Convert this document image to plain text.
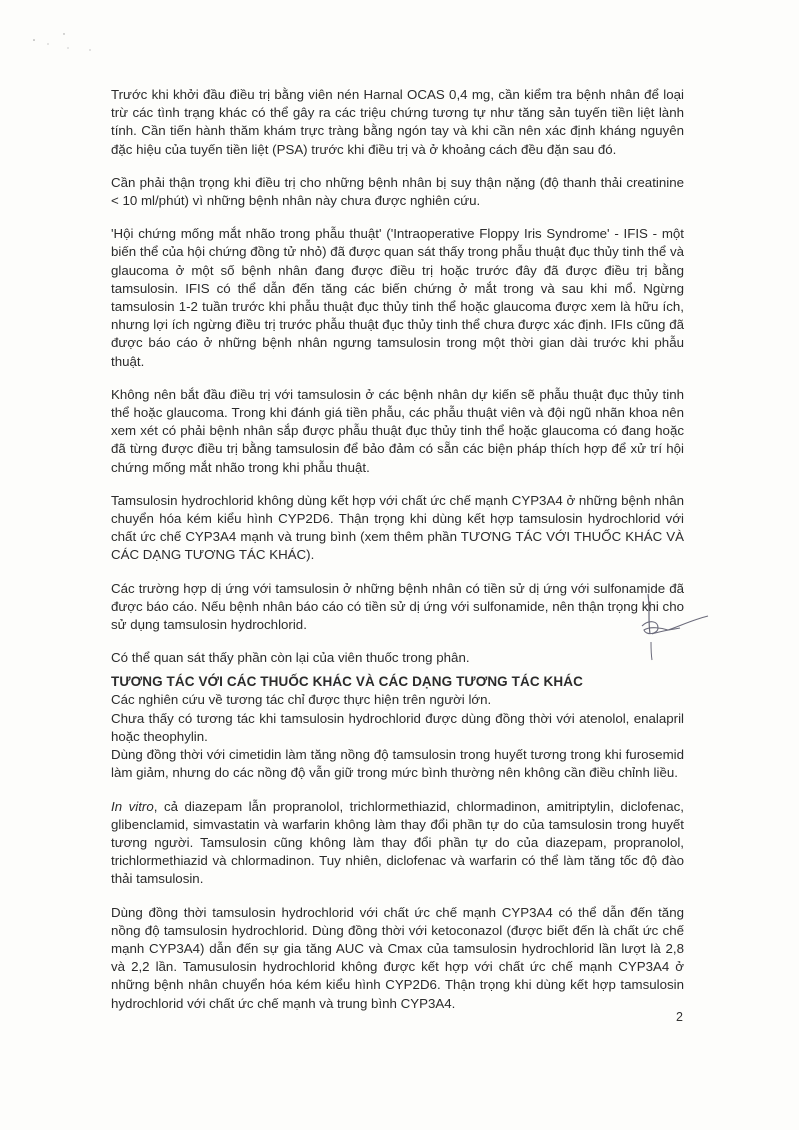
Trước khi khởi đầu điều trị bằng viên nén Harnal OCAS 0,4 mg, cần kiểm tra bệnh nhân để loại trừ các tình trạng khác có thể gây ra các triệu chứng tương tự như tăng sản tuyến tiền liệt lành tính. Cần tiến hành thăm khám trực tràng bằng ngón tay và khi cần nên xác định kháng nguyên đặc hiệu của tuyến tiền liệt (PSA) trước khi điều trị và ở khoảng cách đều đặn sau đó.

Cần phải thận trọng khi điều trị cho những bệnh nhân bị suy thận nặng (độ thanh thải creatinine < 10 ml/phút) vì những bệnh nhân này chưa được nghiên cứu.

'Hội chứng mống mắt nhão trong phẫu thuật' ('Intraoperative Floppy Iris Syndrome' - IFIS - một biến thể của hội chứng đồng tử nhỏ) đã được quan sát thấy trong phẫu thuật đục thủy tinh thể và glaucoma ở một số bệnh nhân đang được điều trị hoặc trước đây đã được điều trị bằng tamsulosin. IFIS có thể dẫn đến tăng các biến chứng ở mắt trong và sau khi mổ. Ngừng tamsulosin 1-2 tuần trước khi phẫu thuật đục thủy tinh thể hoặc glaucoma được xem là hữu ích, nhưng lợi ích ngừng điều trị trước phẫu thuật đục thủy tinh thể chưa được xác định. IFIs cũng đã được báo cáo ở những bệnh nhân ngưng tamsulosin trong một thời gian dài trước khi phẫu thuật.

Không nên bắt đầu điều trị với tamsulosin ở các bệnh nhân dự kiến sẽ phẫu thuật đục thủy tinh thể hoặc glaucoma. Trong khi đánh giá tiền phẫu, các phẫu thuật viên và đội ngũ nhãn khoa nên xem xét có phải bệnh nhân sắp được phẫu thuật đục thủy tinh thể hoặc glaucoma có đang hoặc đã từng được điều trị bằng tamsulosin để bảo đảm có sẵn các biện pháp thích hợp để xử trí hội chứng mống mắt nhão trong khi phẫu thuật.

Tamsulosin hydrochlorid không dùng kết hợp với chất ức chế mạnh CYP3A4 ở những bệnh nhân chuyển hóa kém kiểu hình CYP2D6. Thận trọng khi dùng kết hợp tamsulosin hydrochlorid với chất ức chế CYP3A4 mạnh và trung bình (xem thêm phần TƯƠNG TÁC VỚI THUỐC KHÁC VÀ CÁC DẠNG TƯƠNG TÁC KHÁC).

Các trường hợp dị ứng với tamsulosin ở những bệnh nhân có tiền sử dị ứng với sulfonamide đã được báo cáo. Nếu bệnh nhân báo cáo có tiền sử dị ứng với sulfonamide, nên thận trọng khi cho sử dụng tamsulosin hydrochlorid.

Có thể quan sát thấy phần còn lại của viên thuốc trong phân.

TƯƠNG TÁC VỚI CÁC THUỐC KHÁC VÀ CÁC DẠNG TƯƠNG TÁC KHÁC

Các nghiên cứu về tương tác chỉ được thực hiện trên người lớn.

Chưa thấy có tương tác khi tamsulosin hydrochlorid được dùng đồng thời với atenolol, enalapril hoặc theophylin.

Dùng đồng thời với cimetidin làm tăng nồng độ tamsulosin trong huyết tương trong khi furosemid làm giảm, nhưng do các nồng độ vẫn giữ trong mức bình thường nên không cần điều chỉnh liều.

In vitro, cả diazepam lẫn propranolol, trichlormethiazid, chlormadinon, amitriptylin, diclofenac, glibenclamid, simvastatin và warfarin không làm thay đổi phần tự do của tamsulosin trong huyết tương người. Tamsulosin cũng không làm thay đổi phần tự do của diazepam, propranolol, trichlormethiazid và chlormadinon. Tuy nhiên, diclofenac và warfarin có thể làm tăng tốc độ đào thải tamsulosin.

Dùng đồng thời tamsulosin hydrochlorid với chất ức chế mạnh CYP3A4 có thể dẫn đến tăng nồng độ tamsulosin hydrochlorid. Dùng đồng thời với ketoconazol (được biết đến là chất ức chế mạnh CYP3A4) dẫn đến sự gia tăng AUC và Cmax của tamsulosin hydrochlorid lần lượt là 2,8 và 2,2 lần. Tamusulosin hydrochlorid không được kết hợp với chất ức chế mạnh CYP3A4 ở những bệnh nhân chuyển hóa kém kiểu hình CYP2D6. Thận trọng khi dùng kết hợp tamsulosin hydrochlorid với chất ức chế mạnh và trung bình CYP3A4.

2
